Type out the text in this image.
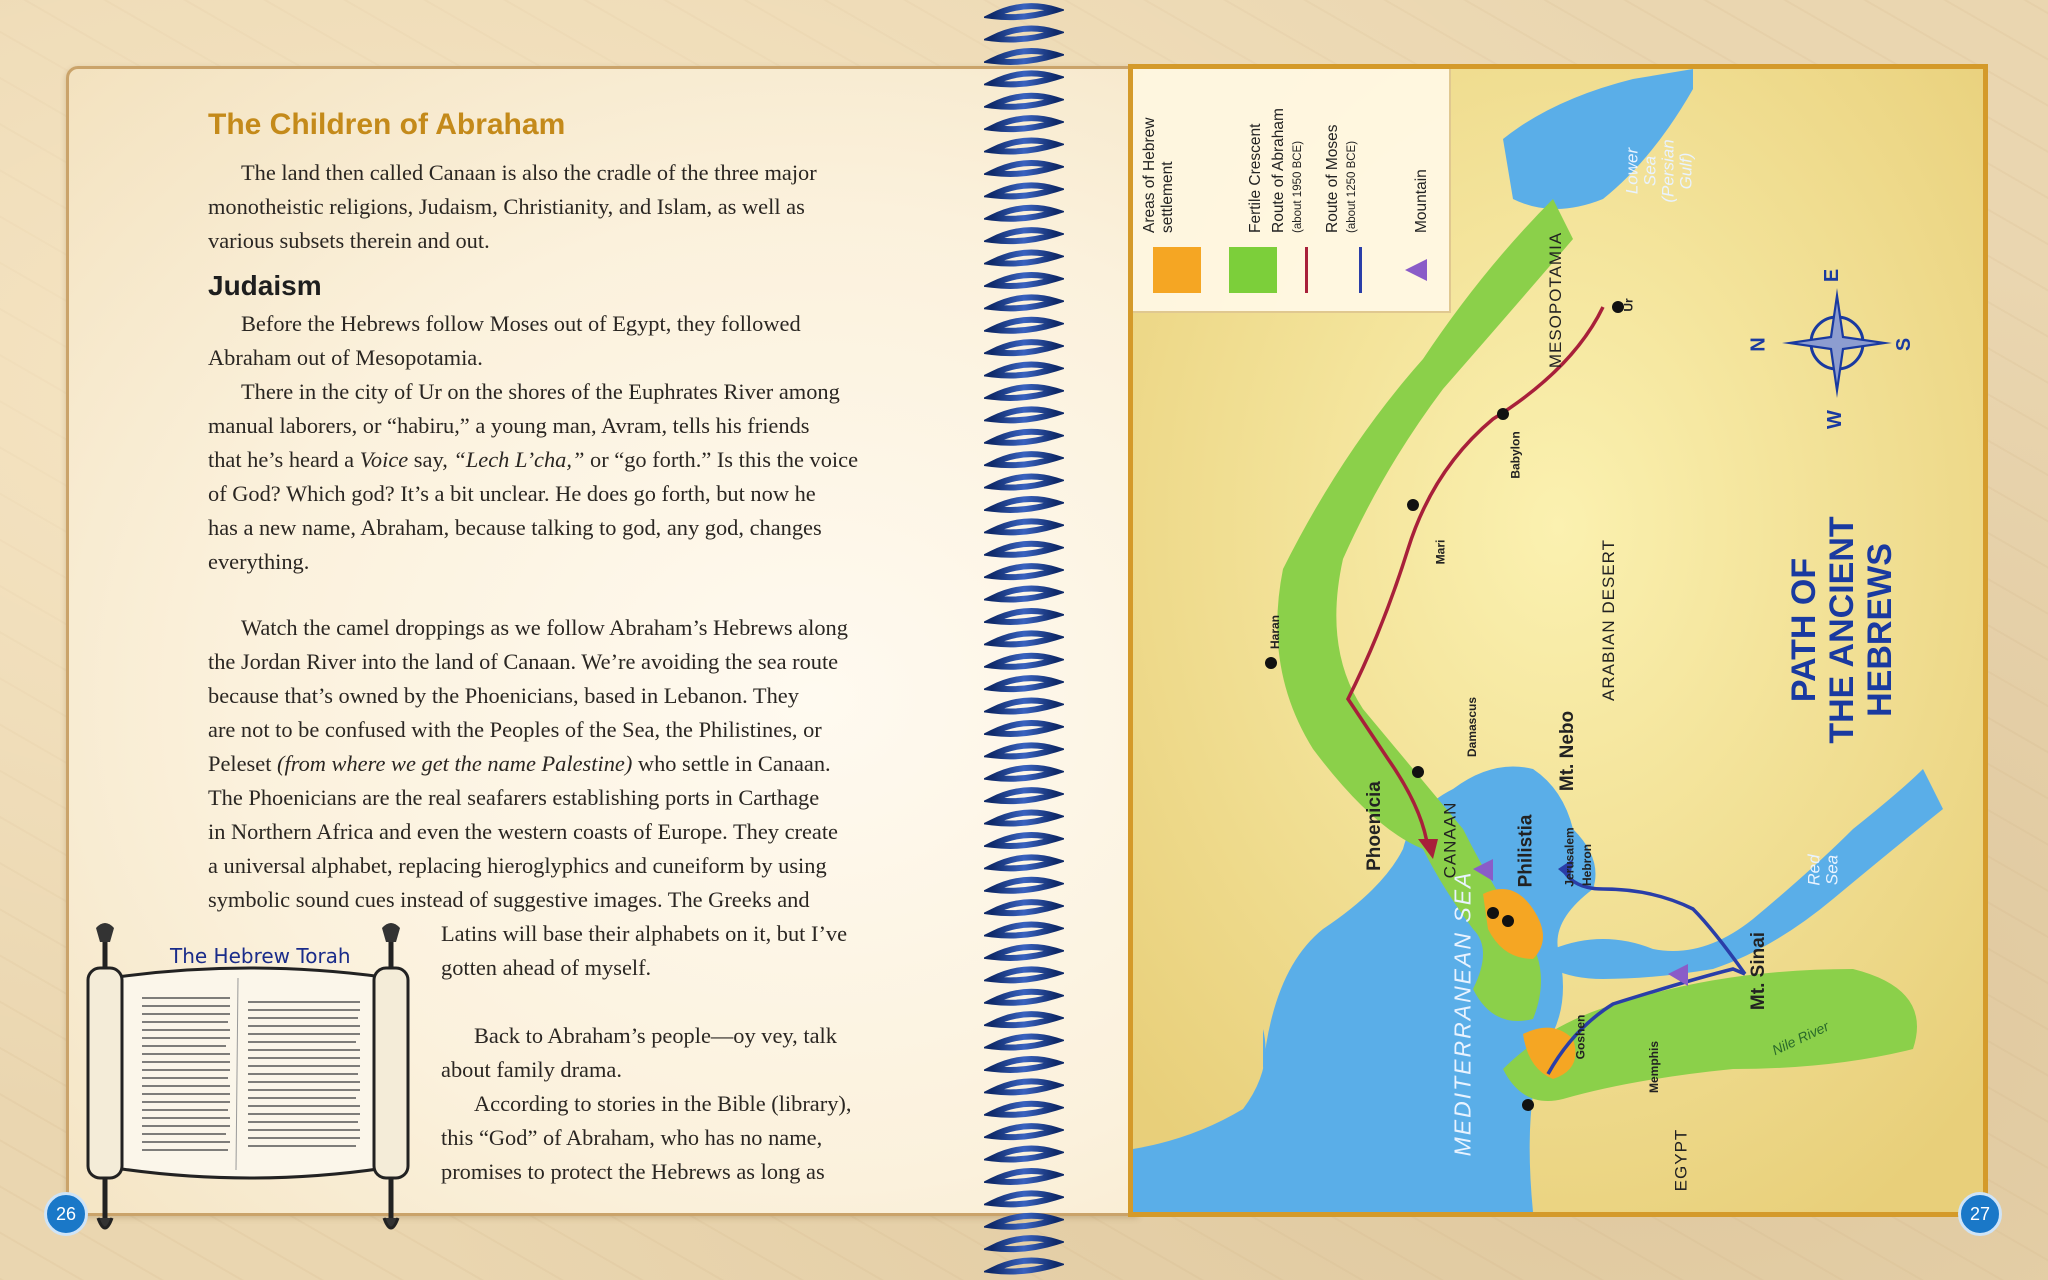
The Children of Abraham
The land then called Canaan is also the cradle of the three major
monotheistic religions, Judaism, Christianity, and Islam, as well as
various subsets therein and out.
Judaism
Before the Hebrews follow Moses out of Egypt, they followed
Abraham out of Mesopotamia.
There in the city of Ur on the shores of the Euphrates River among
manual laborers, or “habiru,” a young man, Avram, tells his friends
that he’s heard a Voice say, “Lech L’cha,” or “go forth.” Is this the voice
of God? Which god? It’s a bit unclear. He does go forth, but now he
has a new name, Abraham, because talking to god, any god, changes
everything.
Watch the camel droppings as we follow Abraham’s Hebrews along
the Jordan River into the land of Canaan. We’re avoiding the sea route
because that’s owned by the Phoenicians, based in Lebanon. They
are not to be confused with the Peoples of the Sea, the Philistines, or
Peleset (from where we get the name Palestine) who settle in Canaan.
The Phoenicians are the real seafarers establishing ports in Carthage
in Northern Africa and even the western coasts of Europe. They create
a universal alphabet, replacing hieroglyphics and cuneiform by using
symbolic sound cues instead of suggestive images. The Greeks and
Latins will base their alphabets on it, but I’ve
gotten ahead of myself.
Back to Abraham’s people—oy vey, talk
about family drama.
According to stories in the Bible (library),
this “God” of Abraham, who has no name,
promises to protect the Hebrews as long as
The Hebrew Torah
26
Areas of Hebrew
settlement	Fertile Crescent Route of Abraham (about 1950 BCE) Route of Moses (about 1250 BCE)	Mountain
Ur
Babylon
Mari
Haran
Damascus
Jerusalem Hebron
Goshen
Memphis
MESOPOTAMIA
ARABIAN DESERT
CANAAN
EGYPT
Phoenicia	Philistia
Mt. Nebo
Mt. Sinai
Lower
Sea
(Persian
Gulf)
Red
Sea
MEDITERRANEAN SEA	Nile River
N
E
S
W
PATH OF THE ANCIENT HEBREWS
27
